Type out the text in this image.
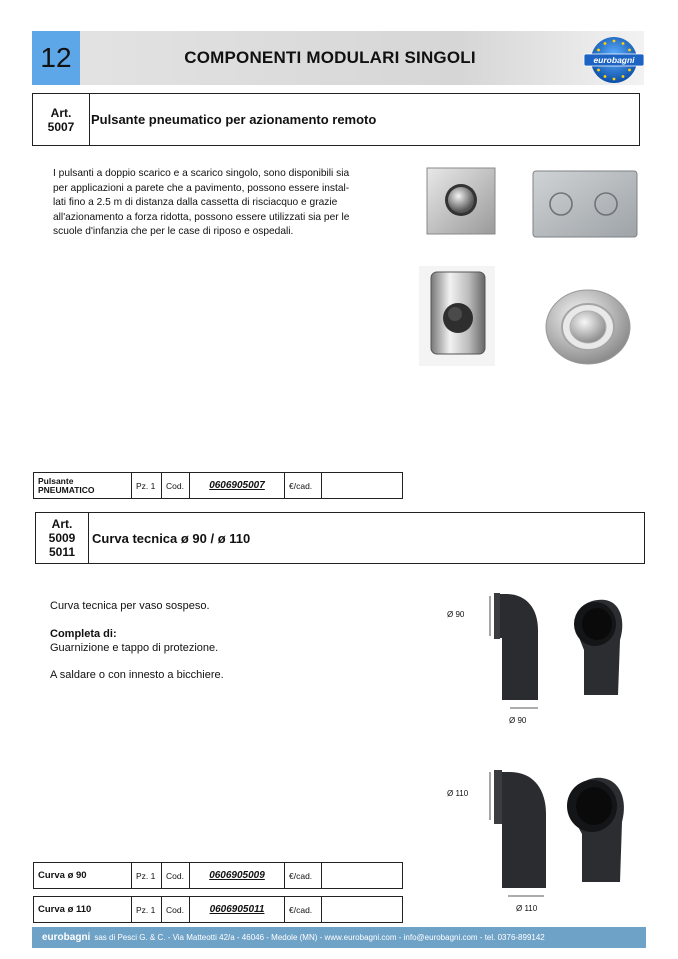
12	COMPONENTI MODULARI SINGOLI	eurobagni
Art.
5007 Pulsante pneumatico per azionamento remoto
I pulsanti a doppio scarico e a scarico singolo, sono disponibili sia
per applicazioni a parete che a pavimento, possono essere instal-
lati fino a 2.5 m di distanza dalla cassetta di risciacquo e grazie
all'azionamento a forza ridotta, possono essere utilizzati sia per le
scuole d'infanzia che per le case di riposo e ospedali.
Pulsante
PNEUMATICO	Pz. 1	Cod.	0606905007	€/cad.	
Art.
5009
5011
Curva tecnica ø 90 / ø 110
Curva tecnica per vaso sospeso.
Completa di:
Guarnizione e tappo di protezione.
A saldare o con innesto a bicchiere.
Ø 90
Ø 90
Ø 110
Ø 110
Curva ø 90	Pz. 1	Cod.	0606905009	€/cad.	
Curva ø 110	Pz. 1	Cod.	0606905011	€/cad.	
eurobagni sas di Pesci G. & C. - Via Matteotti 42/a - 46046 - Medole (MN) - www.eurobagni.com - info@eurobagni.com - tel. 0376-899142
